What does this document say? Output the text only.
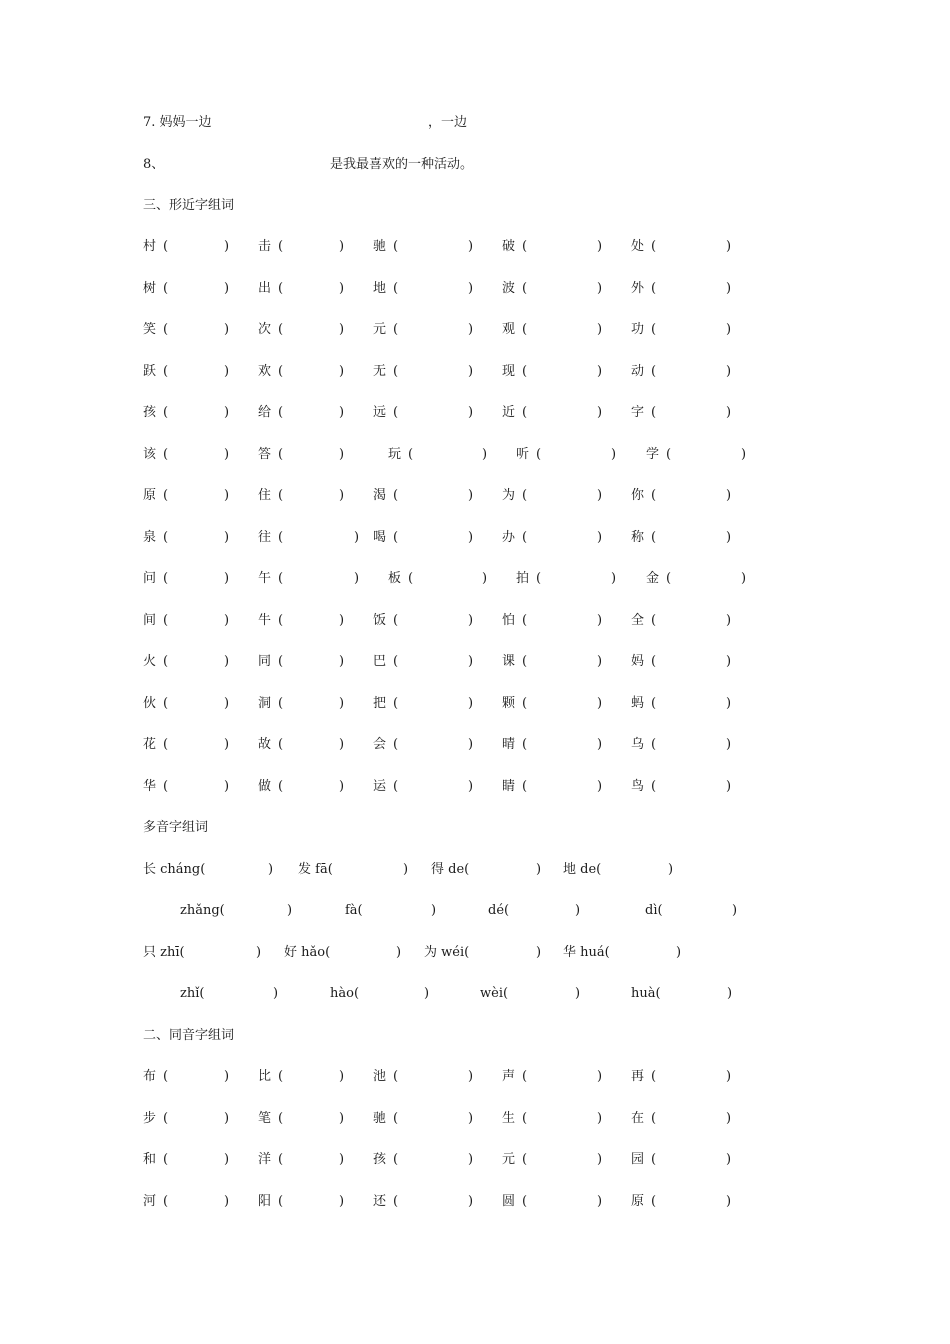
7. 妈妈一边	，一边
8、	是我最喜欢的一种活动。
三、形近字组词
村 (	) 击 (	) 驰 (	) 破 (	) 处 (	)
树 (	) 出 (	) 地 (	) 波 (	) 外 (	)
笑 (	) 次 (	) 元 (	) 观 (	) 功 (	)
跃 (	) 欢 (	) 无 (	) 现 (	) 动 (	)
孩 (	) 给 (	) 远 (	) 近 (	) 字 (	)
该 (	) 答 (	)	玩 (	) 听 (	) 学 (	)
原 (	) 住 (	) 渴 (	) 为 (	) 你 (	)
泉 (	) 往 (	) 喝 (	) 办 (	) 称 (	)
问 (	) 午 (	) 板 (	) 拍 (	) 金 (	)
间 (	) 牛 (	) 饭 (	) 怕 (	) 全 (	)
火 (	) 同 (	) 巴 (	) 课 (	) 妈 (	)
伙 (	) 洞 (	) 把 (	) 颗 (	) 蚂 (	)
花 (	) 故 (	) 会 (	) 晴 (	) 乌 (	)
华 (	) 做 (	) 运 (	) 睛 (	) 鸟 (	)
多音字组词
长 cháng(	) 发 fā(	) 得 de(	) 地 de(	)
zhǎng(	)	fà(	)	dé(	)	dì(	)
只 zhī(	) 好 hǎo(	) 为 wéi(	) 华 huá(	)
zhǐ(	)	hào(	)	wèi(	)	huà(	)
二、同音字组词
布 (	) 比 (	) 池 (	) 声 (	) 再 (	)
步 (	) 笔 (	) 驰 (	) 生 (	) 在 (	)
和 (	) 洋 (	) 孩 (	) 元 (	) 园 (	)
河 (	) 阳 (	) 还 (	) 圆 (	) 原 (	)
